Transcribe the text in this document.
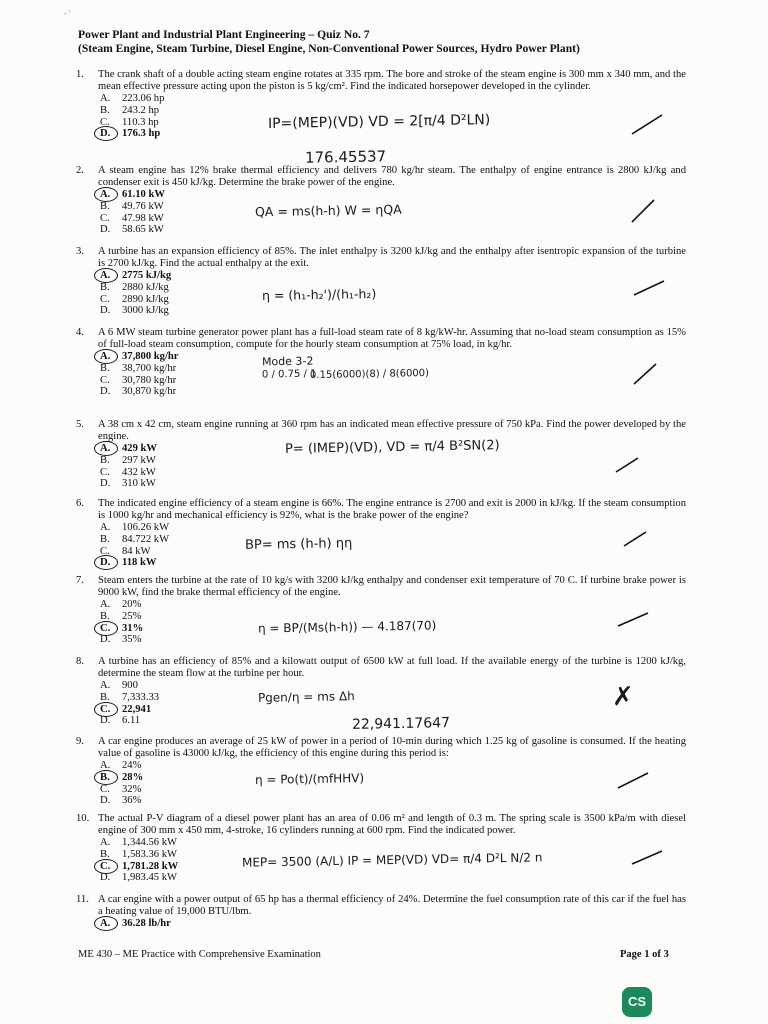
- '
Power Plant and Industrial Plant Engineering – Quiz No. 7
(Steam Engine, Steam Turbine, Diesel Engine, Non-Conventional Power Sources, Hydro Power Plant)
1.	The crank shaft of a double acting steam engine rotates at 335 rpm. The bore and stroke of the steam engine is 300 mm x 340 mm, and the mean effective pressure acting upon the piston is 5 kg/cm². Find the indicated horsepower developed in the cylinder.
A. 223.06 hp
B. 243.2 hp
C. 110.3 hp
D. 176.3 hp
IP=(MEP)(VD) VD = 2[π/4 D²LN)
176.45537
2.	A steam engine has 12% brake thermal efficiency and delivers 780 kg/hr steam. The enthalpy of engine entrance is 2800 kJ/kg and condenser exit is 450 kJ/kg. Determine the brake power of the engine.
A. 61.10 kW
B. 49.76 kW
C. 47.98 kW
D. 58.65 kW
QA = ms(h-h) W = ηQA
3.	A turbine has an expansion efficiency of 85%. The inlet enthalpy is 3200 kJ/kg and the enthalpy after isentropic expansion of the turbine is 2700 kJ/kg. Find the actual enthalpy at the exit.
A. 2775 kJ/kg
B. 2880 kJ/kg
C. 2890 kJ/kg
D. 3000 kJ/kg
η = (h₁-h₂')/(h₁-h₂)
4.	A 6 MW steam turbine generator power plant has a full-load steam rate of 8 kg/kW-hr. Assuming that no-load steam consumption as 15% of full-load steam consumption, compute for the hourly steam consumption at 75% load, in kg/hr.
A. 37,800 kg/hr
B. 38,700 kg/hr
C. 30,780 kg/hr
D. 30,870 kg/hr
Mode 3-2
0 / 0.75 / 1
0.15(6000)(8) / 8(6000)
5.	A 38 cm x 42 cm, steam engine running at 360 rpm has an indicated mean effective pressure of 750 kPa. Find the power developed by the engine.
A. 429 kW
B. 297 kW
C. 432 kW
D. 310 kW
P= (IMEP)(VD), VD = π/4 B²SN(2)
6.	The indicated engine efficiency of a steam engine is 66%. The engine entrance is 2700 and exit is 2000 in kJ/kg. If the steam consumption is 1000 kg/hr and mechanical efficiency is 92%, what is the brake power of the engine?
A. 106.26 kW
B. 84.722 kW
C. 84 kW
D. 118 kW
BP= ms (h-h) ηη
7.	Steam enters the turbine at the rate of 10 kg/s with 3200 kJ/kg enthalpy and condenser exit temperature of 70 C. If turbine brake power is 9000 kW, find the brake thermal efficiency of the engine.
A. 20%
B. 25%
C. 31%
D. 35%
η = BP/(Ms(h-h)) — 4.187(70)
8.	A turbine has an efficiency of 85% and a kilowatt output of 6500 kW at full load. If the available energy of the turbine is 1200 kJ/kg, determine the steam flow at the turbine per hour.
A. 900
B. 7,333.33
C. 22,941
D. 6.11
Pgen/η = ms Δh
22,941.17647
✗
9.	A car engine produces an average of 25 kW of power in a period of 10-min during which 1.25 kg of gasoline is consumed. If the heating value of gasoline is 43000 kJ/kg, the efficiency of this engine during this period is:
A. 24%
B. 28%
C. 32%
D. 36%
η = Po(t)/(mfHHV)
10. The actual P-V diagram of a diesel power plant has an area of 0.06 m² and length of 0.3 m. The spring scale is 3500 kPa/m with diesel engine of 300 mm x 450 mm, 4-stroke, 16 cylinders running at 600 rpm. Find the indicated power.
A. 1,344.56 kW
B. 1,583.36 kW
C. 1,781.28 kW
D. 1,983.45 kW
MEP= 3500 (A/L) IP = MEP(VD) VD= π/4 D²L N/2 n
11. A car engine with a power output of 65 hp has a thermal efficiency of 24%. Determine the fuel consumption rate of this car if the fuel has a heating value of 19,000 BTU/lbm.
A. 36.28 lb/hr
ME 430 – ME Practice with Comprehensive Examination	Page 1 of 3
CS
